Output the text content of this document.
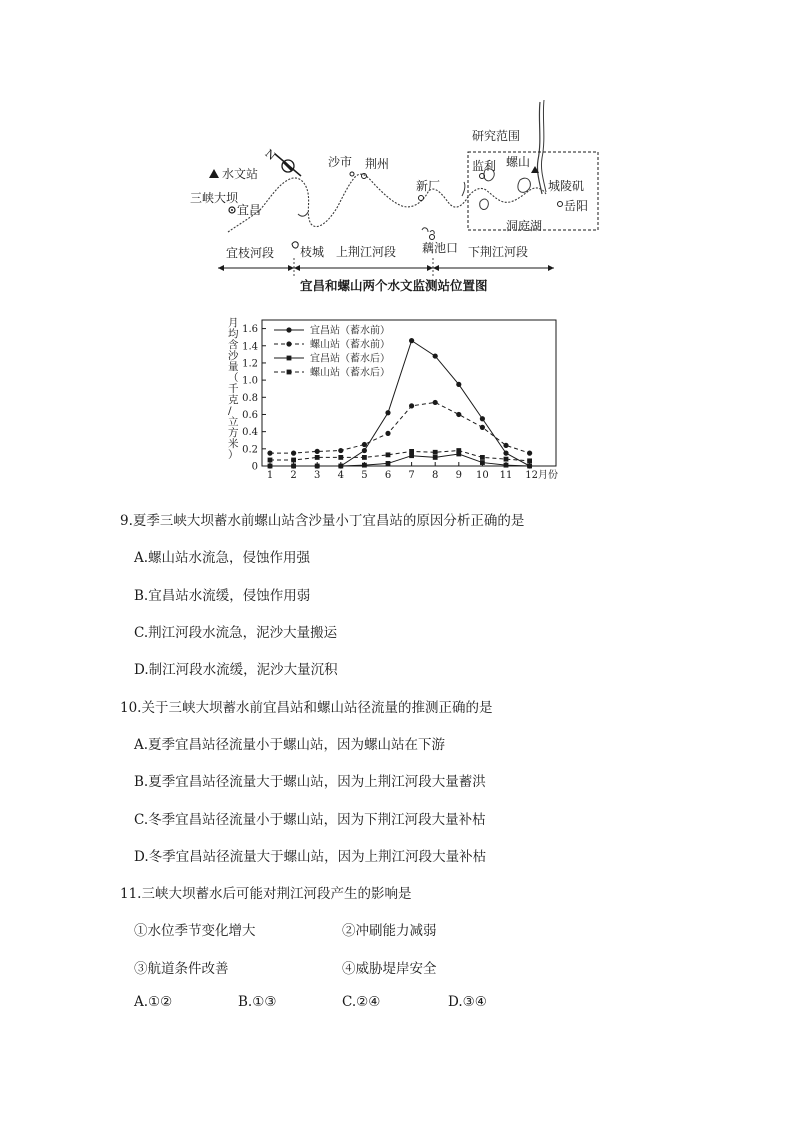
水文站
N
三峡大坝
宜昌
沙市 荆州
新厂
研究范围
监利 螺山
城陵矶
岳阳
洞庭湖
宜枝河段 枝城 上荆江河段 藕池口 下荆江河段
宜昌和螺山两个水文监测站位置图
0
0.2
0.4
0.6
0.8
1.0
1.2
1.4
1.6
1 2 3 4 5 6 7 8 9 10 11 12月份
月均含沙量（千克/立方米）
宜昌站（蓄水前）
螺山站（蓄水前）
宜昌站（蓄水后）
螺山站（蓄水后）
9.夏季三峡大坝蓄水前螺山站含沙量小丁宜昌站的原因分析正确的是
A.螺山站水流急，侵蚀作用强
B.宜昌站水流缓，侵蚀作用弱
C.荆江河段水流急，泥沙大量搬运
D.制江河段水流缓，泥沙大量沉积
10.关于三峡大坝蓄水前宜昌站和螺山站径流量的推测正确的是
A.夏季宜昌站径流量小于螺山站，因为螺山站在下游
B.夏季宜昌站径流量大于螺山站，因为上荆江河段大量蓄洪
C.冬季宜昌站径流量小于螺山站，因为下荆江河段大量补枯
D.冬季宜昌站径流量大于螺山站，因为上荆江河段大量补枯
11.三峡大坝蓄水后可能对荆江河段产生的影响是
①水位季节变化增大	②冲刷能力减弱
③航道条件改善	④威胁堤岸安全
A.①②	B.①③	C.②④	D.③④
